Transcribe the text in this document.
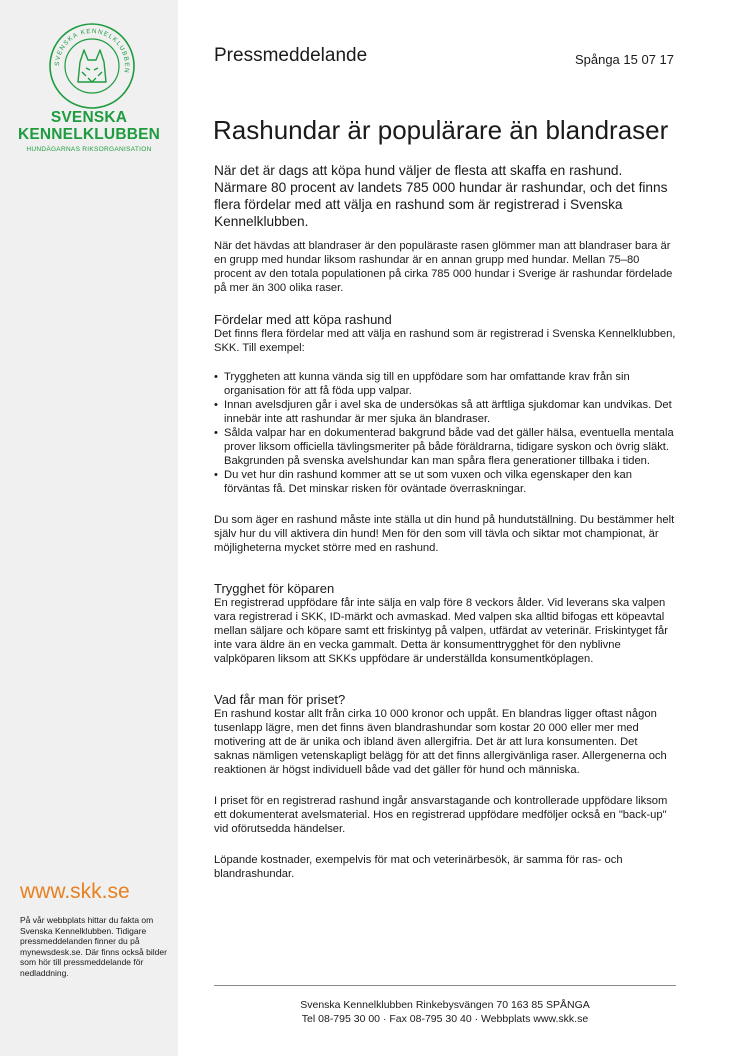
SVENSKA KENNELKLUBBEN
SVENSKA
KENNELKLUBBEN
HUNDÄGARNAS RIKSORGANISATION
www.skk.se
På vår webbplats hittar du fakta om Svenska Kennelklubben. Tidigare pressmeddelanden finner du på mynewsdesk.se. Där finns också bilder som hör till pressmeddelande för nedladdning.
Pressmeddelande	Spånga 15 07 17
Rashundar är populärare än blandraser

När det är dags att köpa hund väljer de flesta att skaffa en rashund. Närmare 80 procent av landets 785 000 hundar är rashundar, och det finns flera fördelar med att välja en rashund som är registrerad i Svenska Kennelklubben.

När det hävdas att blandraser är den populäraste rasen glömmer man att blandraser bara är en grupp med hundar liksom rashundar är en annan grupp med hundar. Mellan 75–80 procent av den totala populationen på cirka 785 000 hundar i Sverige är rashundar fördelade på mer än 300 olika raser.

Fördelar med att köpa rashund

Det finns flera fördelar med att välja en rashund som är registrerad i Svenska Kennelklubben, SKK. Till exempel:

• Tryggheten att kunna vända sig till en uppfödare som har omfattande krav från sin organisation för att få föda upp valpar.
• Innan avelsdjuren går i avel ska de undersökas så att ärftliga sjukdomar kan undvikas. Det innebär inte att rashundar är mer sjuka än blandraser.
• Sålda valpar har en dokumenterad bakgrund både vad det gäller hälsa, eventuella mentala prover liksom officiella tävlingsmeriter på både föräldrarna, tidigare syskon och övrig släkt. Bakgrunden på svenska avelshundar kan man spåra flera generationer tillbaka i tiden.
• Du vet hur din rashund kommer att se ut som vuxen och vilka egenskaper den kan förväntas få. Det minskar risken för oväntade överraskningar.

Du som äger en rashund måste inte ställa ut din hund på hundutställning. Du bestämmer helt själv hur du vill aktivera din hund! Men för den som vill tävla och siktar mot championat, är möjligheterna mycket större med en rashund.

Trygghet för köparen

En registrerad uppfödare får inte sälja en valp före 8 veckors ålder. Vid leverans ska valpen vara registrerad i SKK, ID-märkt och avmaskad. Med valpen ska alltid bifogas ett köpeavtal mellan säljare och köpare samt ett friskintyg på valpen, utfärdat av veterinär. Friskintyget får inte vara äldre än en vecka gammalt. Detta är konsumenttrygghet för den nyblivne valpköparen liksom att SKKs uppfödare är underställda konsumentköplagen.

Vad får man för priset?

En rashund kostar allt från cirka 10 000 kronor och uppåt. En blandras ligger oftast någon tusenlapp lägre, men det finns även blandrashundar som kostar 20 000 eller mer med motivering att de är unika och ibland även allergifria. Det är att lura konsumenten. Det saknas nämligen vetenskapligt belägg för att det finns allergivänliga raser. Allergenerna och reaktionen är högst individuell både vad det gäller för hund och människa.

I priset för en registrerad rashund ingår ansvarstagande och kontrollerade uppfödare liksom ett dokumenterat avelsmaterial. Hos en registrerad uppfödare medföljer också en "back-up" vid oförutsedda händelser.

Löpande kostnader, exempelvis för mat och veterinärbesök, är samma för ras- och blandrashundar.

Svenska Kennelklubben Rinkebysvängen 70 163 85 SPÅNGA
Tel 08-795 30 00 · Fax 08-795 30 40 · Webbplats www.skk.se
